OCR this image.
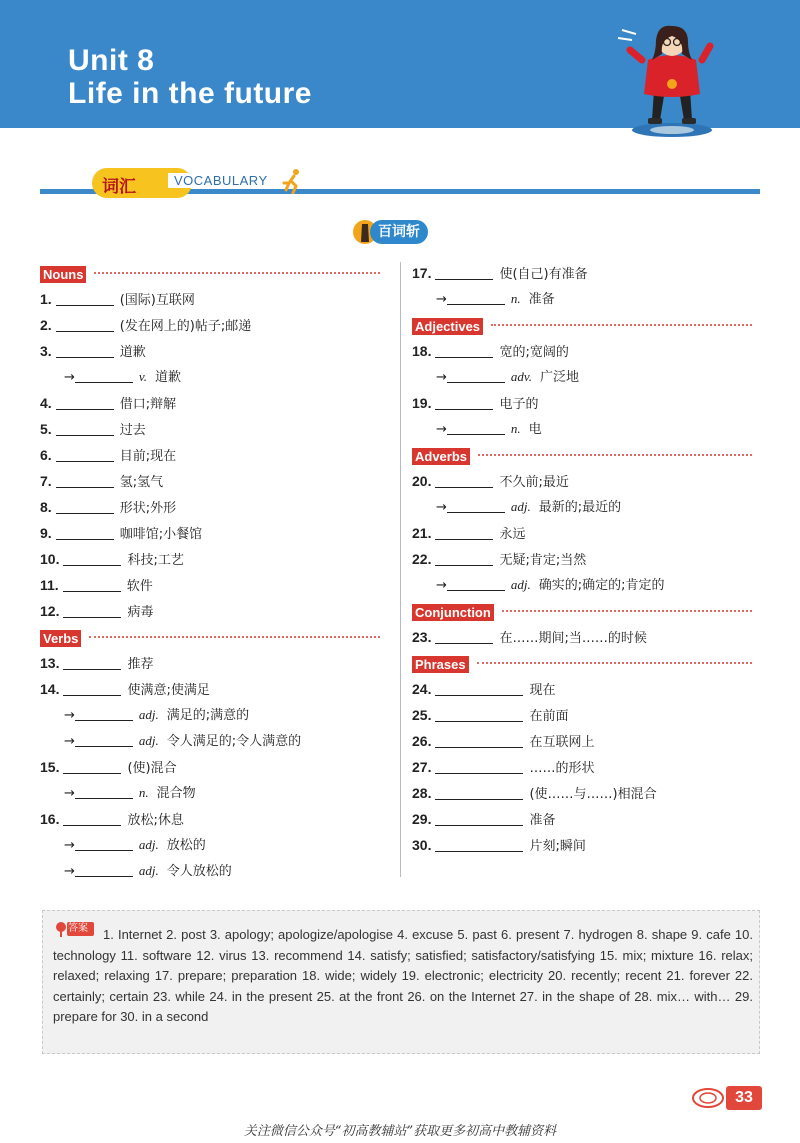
Unit 8
Life in the future
词汇	VOCABULARY
百词斩
Nouns
1.	(国际)互联网
2.	(发在网上的)帖子;邮递
3.	道歉
→	v. 道歉
4.	借口;辩解
5.	过去
6.	目前;现在
7.	氢;氢气
8.	形状;外形
9.	咖啡馆;小餐馆
10.	科技;工艺
11.	软件
12.	病毒
Verbs
13.	推荐
14.	使满意;使满足
→	adj. 满足的;满意的
→	adj. 令人满足的;令人满意的
15.	(使)混合
→	n. 混合物
16.	放松;休息
→	adj. 放松的
→	adj. 令人放松的
17.	使(自己)有准备
→	n. 准备
Adjectives
18.	宽的;宽阔的
→	adv. 广泛地
19.	电子的
→	n. 电
Adverbs
20.	不久前;最近
→	adj. 最新的;最近的
21.	永远
22.	无疑;肯定;当然
→	adj. 确实的;确定的;肯定的
Conjunction
23.	在……期间;当……的时候
Phrases
24.	现在
25.	在前面
26.	在互联网上
27.	……的形状
28.	(使……与……)相混合
29.	准备
30.	片刻;瞬间
答案	1. Internet 2. post 3. apology; apologize/apologise 4. excuse 5. past 6. present 7. hydrogen 8. shape 9. cafe 10. technology 11. software 12. virus 13. recommend 14. satisfy; satisfied; satisfactory/satisfying 15. mix; mixture 16. relax; relaxed; relaxing 17. prepare; preparation 18. wide; widely 19. electronic; electricity 20. recently; recent 21. forever 22. certainly; certain 23. while 24. in the present 25. at the front 26. on the Internet 27. in the shape of 28. mix… with… 29. prepare for 30. in a second
33
关注微信公众号“初高教辅站”获取更多初高中教辅资料
